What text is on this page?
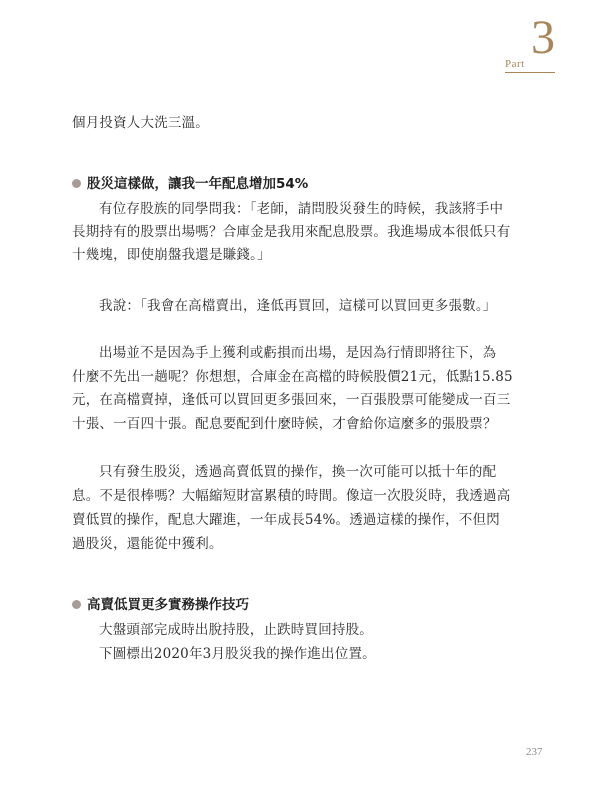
Part 3
個月投資人大洗三溫。
股災這樣做，讓我一年配息增加54%
有位存股族的同學問我：「老師，請問股災發生的時候，我該將手中
長期持有的股票出場嗎？合庫金是我用來配息股票。我進場成本很低只有
十幾塊，即使崩盤我還是賺錢。」
我說：「我會在高檔賣出，逢低再買回，這樣可以買回更多張數。」
出場並不是因為手上獲利或虧損而出場，是因為行情即將往下，為
什麼不先出一趟呢？你想想，合庫金在高檔的時候股價21元，低點15.85
元，在高檔賣掉，逢低可以買回更多張回來，一百張股票可能變成一百三
十張、一百四十張。配息要配到什麼時候，才會給你這麼多的張股票？
只有發生股災，透過高賣低買的操作，換一次可能可以抵十年的配
息。不是很棒嗎？大幅縮短財富累積的時間。像這一次股災時，我透過高
賣低買的操作，配息大躍進，一年成長54%。透過這樣的操作，不但閃
過股災，還能從中獲利。
高賣低買更多實務操作技巧
大盤頭部完成時出脫持股，止跌時買回持股。
下圖標出2020年3月股災我的操作進出位置。
237
